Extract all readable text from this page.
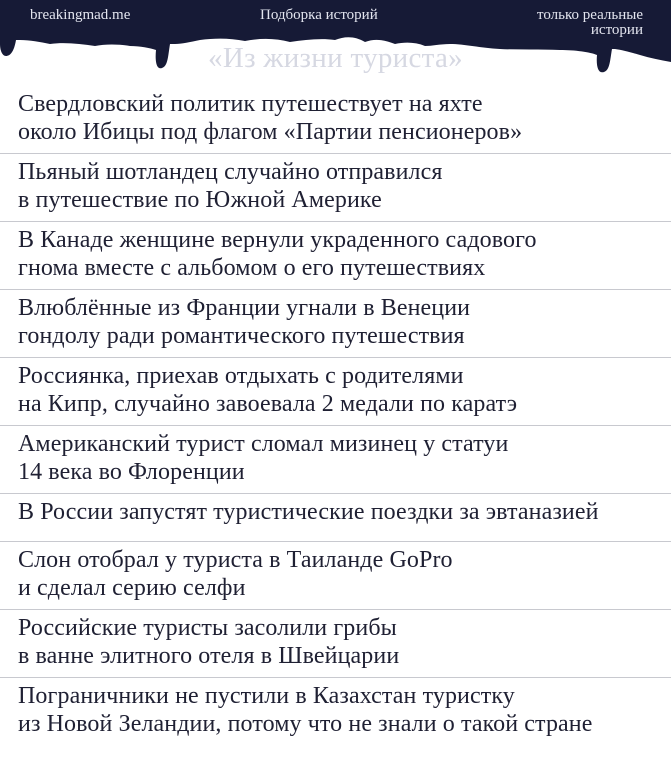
breakingmad.me	Подборка историй	только реальные
истории
«Из жизни туриста»
Свердловский политик путешествует на яхте
около Ибицы под флагом «Партии пенсионеров»
Пьяный шотландец случайно отправился
в путешествие по Южной Америке
В Канаде женщине вернули украденного садового
гнома вместе с альбомом о его путешествиях
Влюблённые из Франции угнали в Венеции
гондолу ради романтического путешествия
Россиянка, приехав отдыхать с родителями
на Кипр, случайно завоевала 2 медали по каратэ
Американский турист сломал мизинец у статуи
14 века во Флоренции
В России запустят туристические поездки за эвтаназией
Слон отобрал у туриста в Таиланде GoPro
и сделал серию селфи
Российские туристы засолили грибы
в ванне элитного отеля в Швейцарии
Пограничники не пустили в Казахстан туристку
из Новой Зеландии, потому что не знали о такой стране
